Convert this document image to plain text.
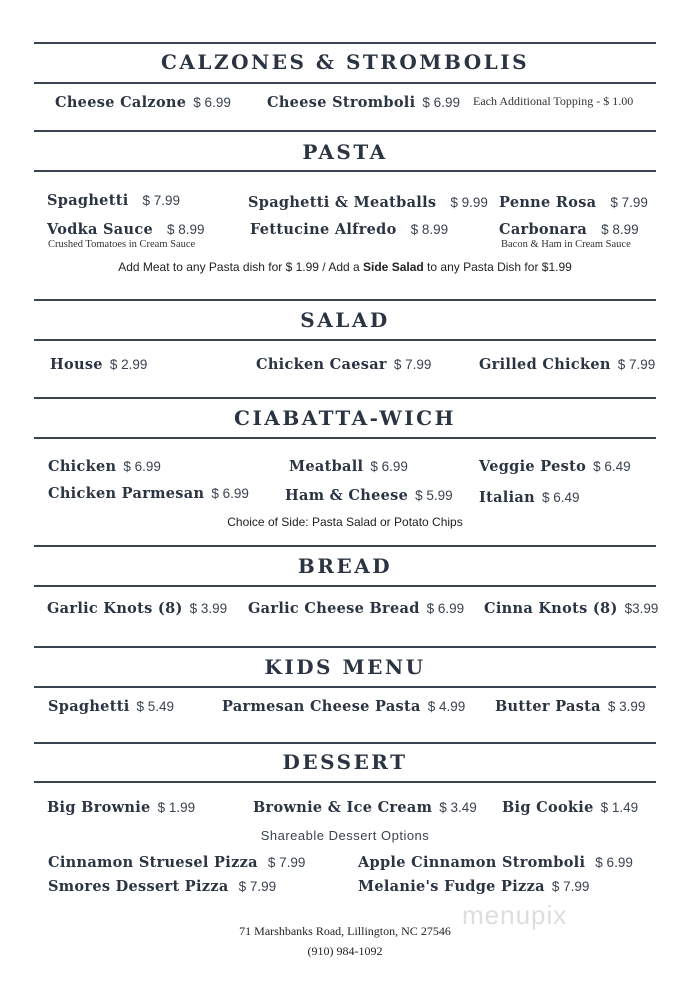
CALZONES & STROMBOLIS
Cheese Calzone $ 6.99 Cheese Stromboli $ 6.99 Each Additional Topping - $ 1.00
PASTA
Spaghetti $ 7.99	Spaghetti & Meatballs $ 9.99 Penne Rosa $ 7.99
Vodka Sauce $ 8.99
Crushed Tomatoes in Cream Sauce
Fettucine Alfredo $ 8.99	Carbonara $ 8.99
Bacon & Ham in Cream Sauce
Add Meat to any Pasta dish for $ 1.99 / Add a Side Salad to any Pasta Dish for $1.99
SALAD
House $ 2.99	Chicken Caesar $ 7.99	Grilled Chicken $ 7.99
CIABATTA-WICH
Chicken $ 6.99	Meatball $ 6.99	Veggie Pesto $ 6.49
Chicken Parmesan $ 6.99 Ham & Cheese $ 5.99 Italian $ 6.49
Choice of Side: Pasta Salad or Potato Chips
BREAD
Garlic Knots (8) $ 3.99 Garlic Cheese Bread $ 6.99 Cinna Knots (8) $3.99
KIDS MENU
Spaghetti $ 5.49	Parmesan Cheese Pasta $ 4.99 Butter Pasta $ 3.99
DESSERT
Big Brownie $ 1.99	Brownie & Ice Cream $ 3.49 Big Cookie $ 1.49
Shareable Dessert Options
Cinnamon Struesel Pizza $ 7.99	Apple Cinnamon Stromboli $ 6.99
Smores Dessert Pizza $ 7.99	Melanie's Fudge Pizza $ 7.99
menupix
71 Marshbanks Road, Lillington, NC 27546
(910) 984-1092
